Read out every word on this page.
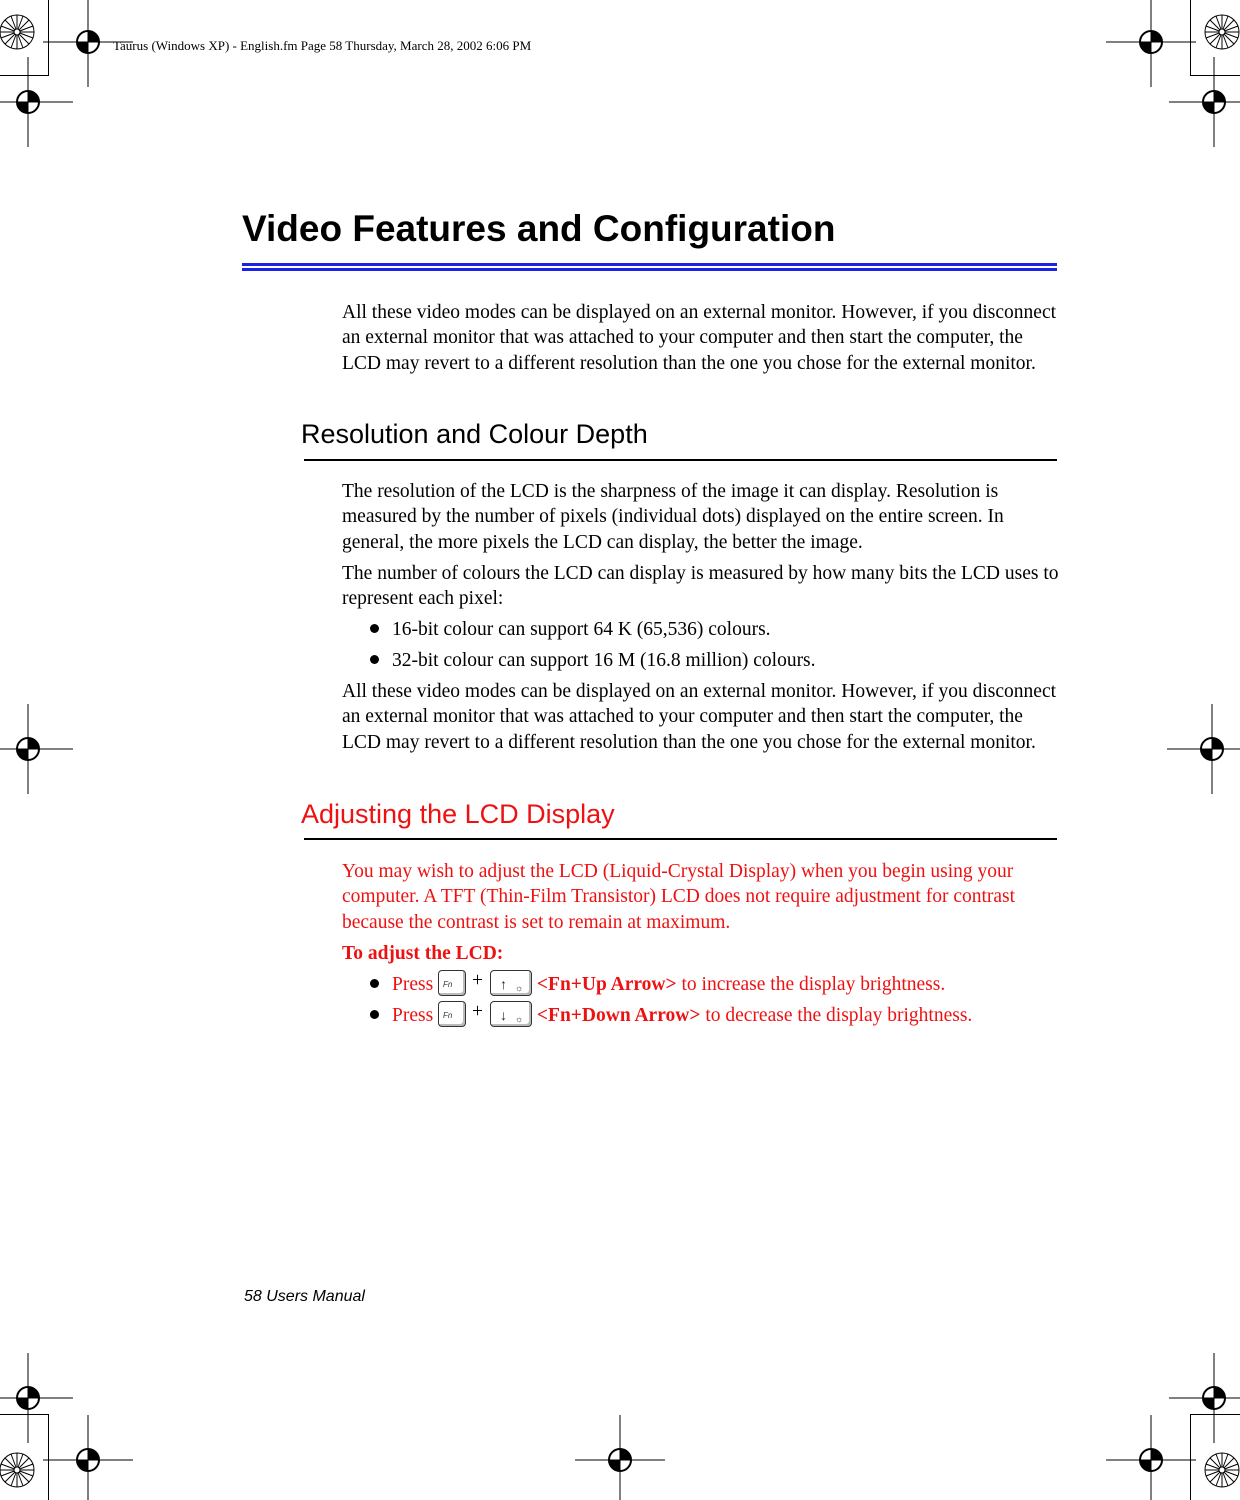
Taurus (Windows XP) - English.fm Page 58 Thursday, March 28, 2002 6:06 PM
Video Features and Configuration
All these video modes can be displayed on an external monitor. However, if you disconnect an external monitor that was attached to your computer and then start the computer, the LCD may revert to a different resolution than the one you chose for the external monitor.
Resolution and Colour Depth
The resolution of the LCD is the sharpness of the image it can display. Resolution is measured by the number of pixels (individual dots) displayed on the entire screen. In general, the more pixels the LCD can display, the better the image.
The number of colours the LCD can display is measured by how many bits the LCD uses to represent each pixel:
16-bit colour can support 64 K (65,536) colours.
32-bit colour can support 16 M (16.8 million) colours.
All these video modes can be displayed on an external monitor. However, if you disconnect an external monitor that was attached to your computer and then start the computer, the LCD may revert to a different resolution than the one you chose for the external monitor.
Adjusting the LCD Display
You may wish to adjust the LCD (Liquid-Crystal Display) when you begin using your computer. A TFT (Thin-Film Transistor) LCD does not require adjustment for contrast because the contrast is set to remain at maximum.
To adjust the LCD:
Press Fn + ↑ ☼ <Fn+Up Arrow> to increase the display brightness.
Press Fn + ↓ ☼ <Fn+Down Arrow> to decrease the display brightness.
58 Users Manual
